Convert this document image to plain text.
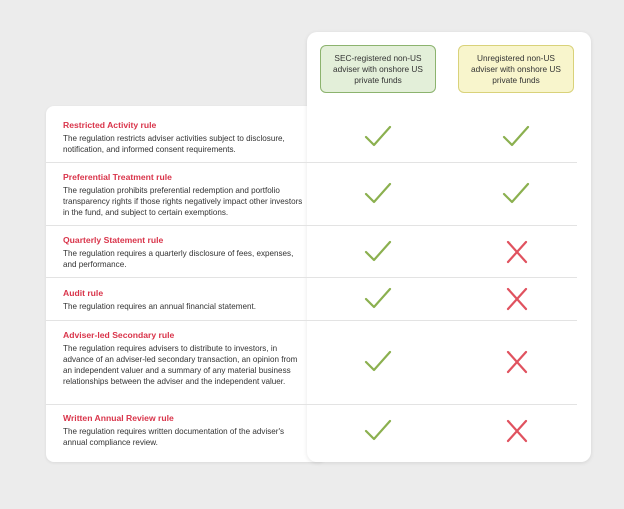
SEC-registered non-US adviser with onshore US private funds
Unregistered non-US adviser with onshore US private funds

Restricted Activity rule

The regulation restricts adviser activities subject to disclosure, notification, and informed consent requirements.

Preferential Treatment rule

The regulation prohibits preferential redemption and portfolio transparency rights if those rights negatively impact other investors in the fund, and subject to certain exemptions.

Quarterly Statement rule

The regulation requires a quarterly disclosure of fees, expenses, and performance.

Audit rule

The regulation requires an annual financial statement.

Adviser-led Secondary rule

The regulation requires advisers to distribute to investors, in advance of an adviser-led secondary transaction, an opinion from an independent valuer and a summary of any material business relationships between the adviser and the independent valuer.

Written Annual Review rule

The regulation requires written documentation of the adviser's annual compliance review.
